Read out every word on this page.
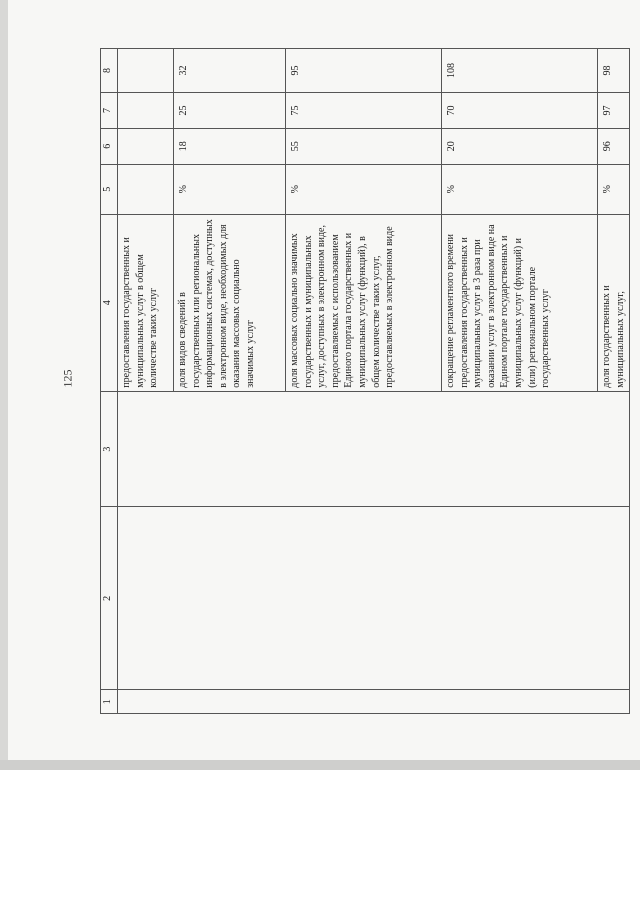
125
1	2	3	4	5	6	7	8
			предоставления государственных и муниципальных услуг в общем количестве таких услуг				
			доля видов сведений в государственных или региональных информационных системах, доступных в электронном виде, необходимых для оказания массовых социально значимых услуг	%	18	25	32
			доля массовых социально значимых государственных и муниципальных услуг, доступных в электронном виде, предоставляемых с использованием Единого портала государственных и муниципальных услуг (функций), в общем количестве таких услуг, предоставляемых в электронном виде	%	55	75	95
			сокращение регламентного времени предоставления государственных и муниципальных услуг в 3 раза при оказании услуг в электронном виде на Едином портале государственных и муниципальных услуг (функций) и (или) региональном портале государственных услуг	%	20	70	108
			доля государственных и муниципальных услуг,	%	96	97	98
